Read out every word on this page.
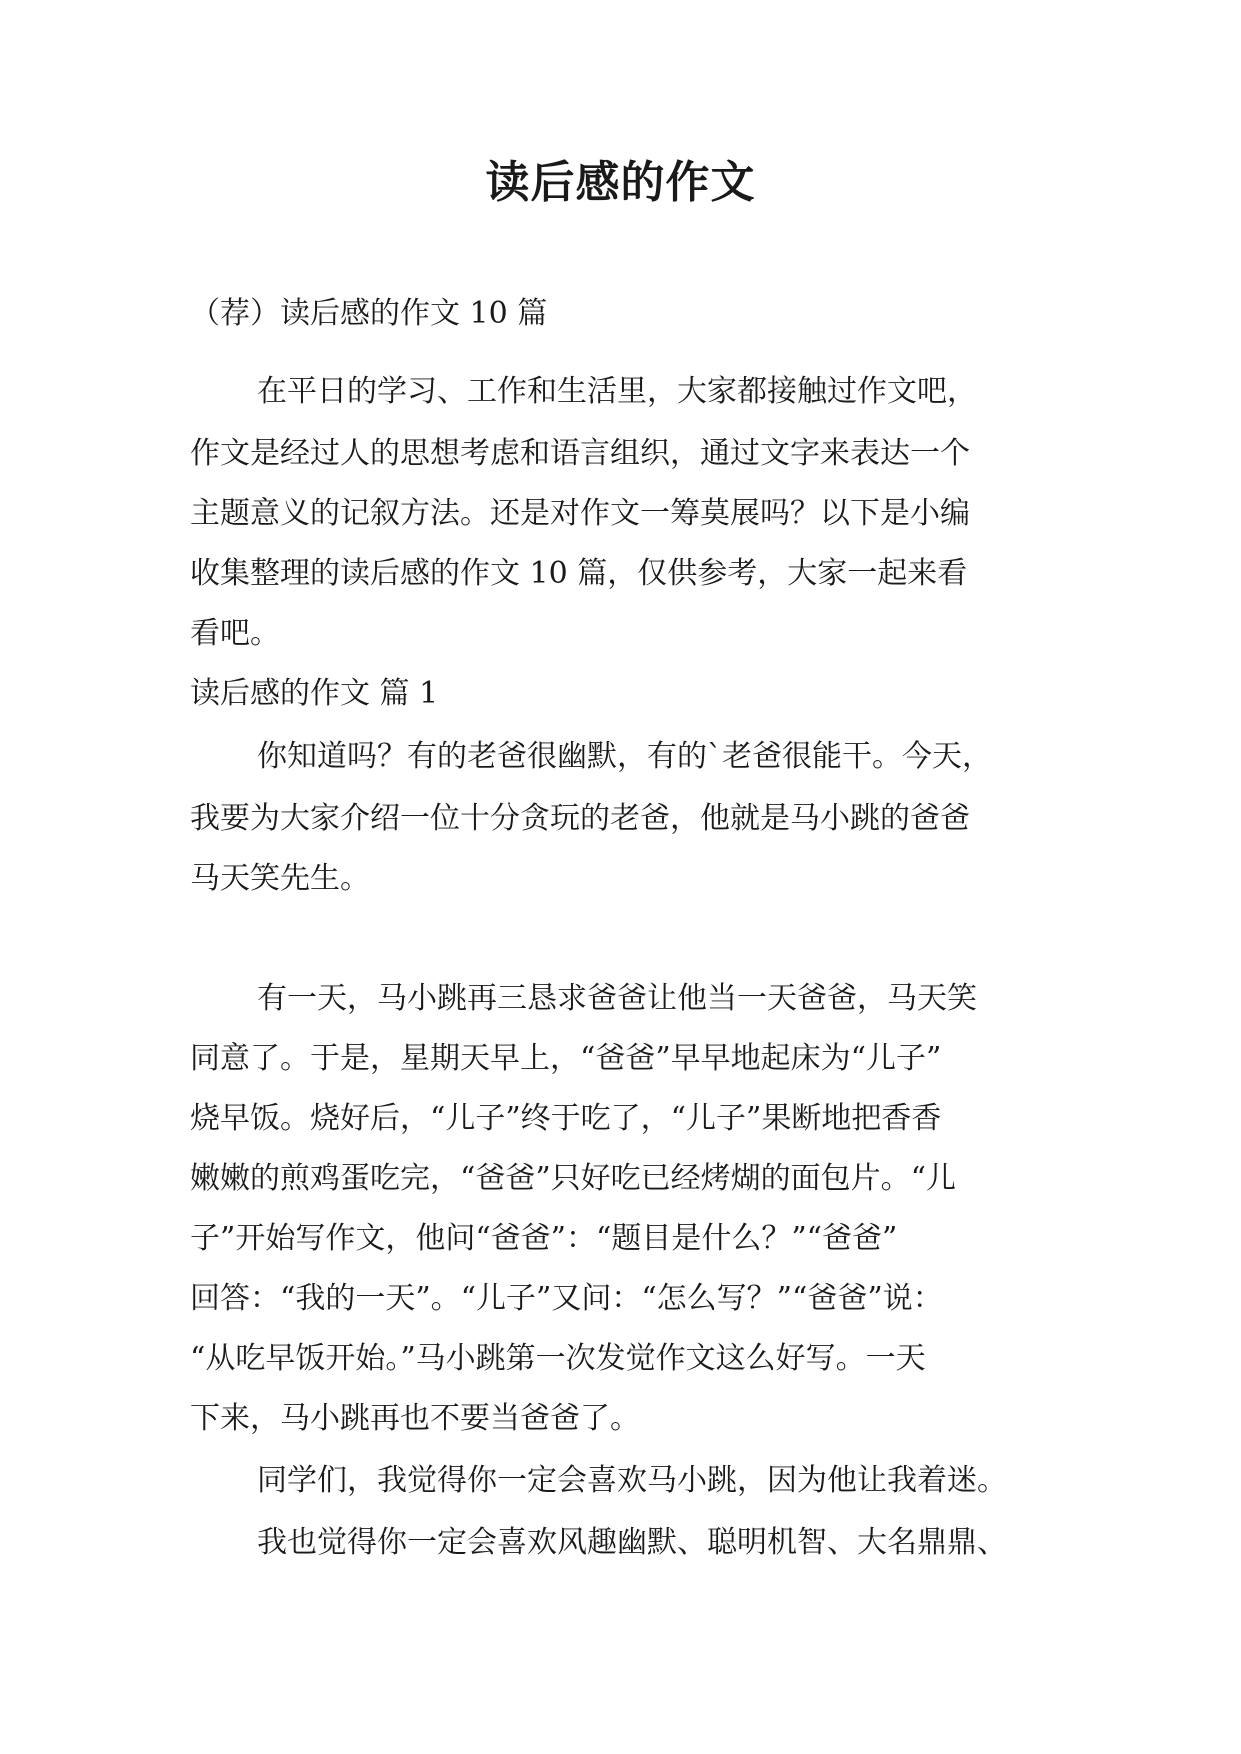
读后感的作文
（荐）读后感的作文 10 篇
在平日的学习、工作和生活里，大家都接触过作文吧，
作文是经过人的思想考虑和语言组织，通过文字来表达一个
主题意义的记叙方法。还是对作文一筹莫展吗？以下是小编
收集整理的读后感的作文 10 篇，仅供参考，大家一起来看
看吧。
读后感的作文 篇 1
你知道吗？有的老爸很幽默，有的`老爸很能干。今天，
我要为大家介绍一位十分贪玩的老爸，他就是马小跳的爸爸
马天笑先生。
有一天，马小跳再三恳求爸爸让他当一天爸爸，马天笑
同意了。于是，星期天早上，“爸爸”早早地起床为“儿子”
烧早饭。烧好后，“儿子”终于吃了，“儿子”果断地把香香
嫩嫩的煎鸡蛋吃完，“爸爸”只好吃已经烤煳的面包片。“儿
子”开始写作文，他问“爸爸”：“题目是什么？”“爸爸”
回答：“我的一天”。“儿子”又问：“怎么写？”“爸爸”说：
“从吃早饭开始。”马小跳第一次发觉作文这么好写。一天
下来，马小跳再也不要当爸爸了。
同学们，我觉得你一定会喜欢马小跳，因为他让我着迷。
我也觉得你一定会喜欢风趣幽默、聪明机智、大名鼎鼎、
